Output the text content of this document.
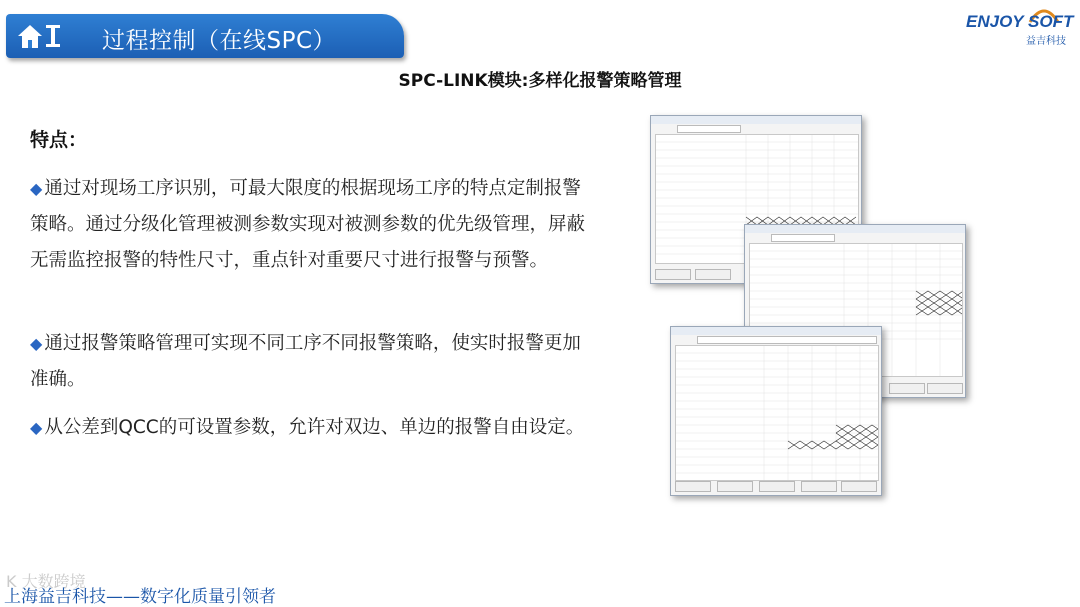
过程控制（在线SPC）
ENJOY SOFT
益吉科技
SPC-LINK模块:多样化报警策略管理
特点：
◆ 通过对现场工序识别，可最大限度的根据现场工序的特点定制报警策略。通过分级化管理被测参数实现对被测参数的优先级管理，屏蔽无需监控报警的特性尺寸，重点针对重要尺寸进行报警与预警。
◆ 通过报警策略管理可实现不同工序不同报警策略，使实时报警更加准确。
◆ 从公差到QCC的可设置参数，允许对双边、单边的报警自由设定。
K 大数跨境
上海益吉科技——数字化质量引领者
